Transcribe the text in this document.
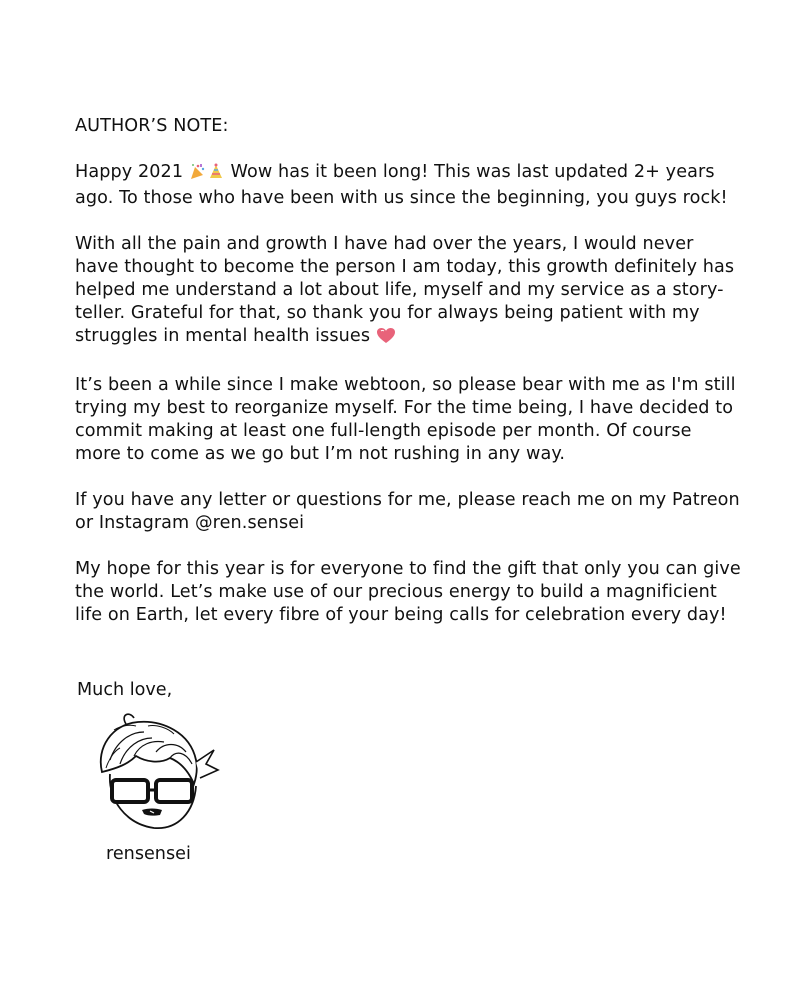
AUTHOR’S NOTE:

Happy 2021	Wow has it been long! This was last updated 2+ years
ago. To those who have been with us since the beginning, you guys rock!

With all the pain and growth I have had over the years, I would never
have thought to become the person I am today, this growth definitely has
helped me understand a lot about life, myself and my service as a story-
teller. Grateful for that, so thank you for always being patient with my
struggles in mental health issues

It’s been a while since I make webtoon, so please bear with me as I'm still
trying my best to reorganize myself. For the time being, I have decided to
commit making at least one full-length episode per month. Of course
more to come as we go but I’m not rushing in any way.

If you have any letter or questions for me, please reach me on my Patreon
or Instagram @ren.sensei

My hope for this year is for everyone to find the gift that only you can give
the world. Let’s make use of our precious energy to build a magnificient
life on Earth, let every fibre of your being calls for celebration every day!

Much love,
rensensei
